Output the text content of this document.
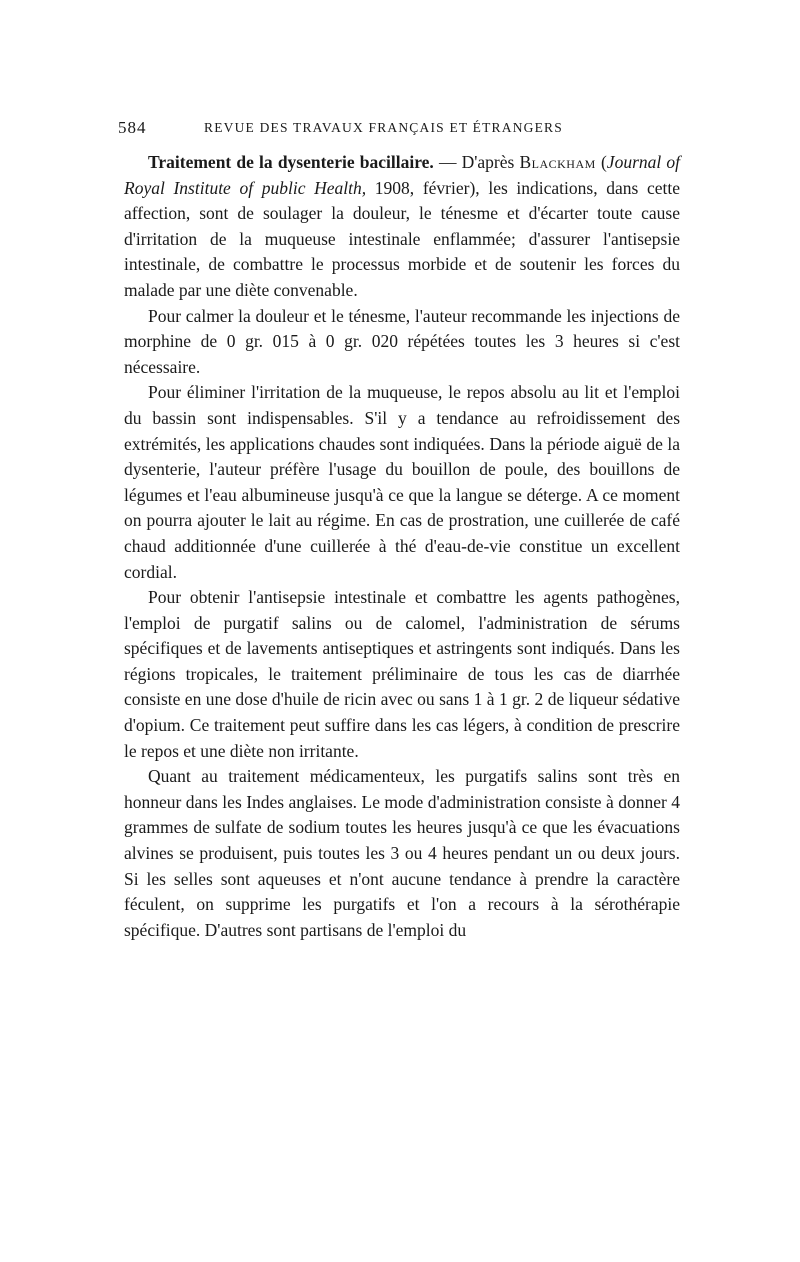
584	REVUE DES TRAVAUX FRANÇAIS ET ÉTRANGERS

Traitement de la dysenterie bacillaire. — D'après Blackham (Journal of Royal Institute of public Health, 1908, février), les indications, dans cette affection, sont de soulager la douleur, le ténesme et d'écarter toute cause d'irritation de la muqueuse intestinale enflammée; d'assurer l'antisepsie intestinale, de combattre le processus morbide et de soutenir les forces du malade par une diète convenable.

Pour calmer la douleur et le ténesme, l'auteur recommande les injections de morphine de 0 gr. 015 à 0 gr. 020 répétées toutes les 3 heures si c'est nécessaire.

Pour éliminer l'irritation de la muqueuse, le repos absolu au lit et l'emploi du bassin sont indispensables. S'il y a tendance au refroidissement des extrémités, les applications chaudes sont indiquées. Dans la période aiguë de la dysenterie, l'auteur préfère l'usage du bouillon de poule, des bouillons de légumes et l'eau albumineuse jusqu'à ce que la langue se déterge. A ce moment on pourra ajouter le lait au régime. En cas de prostration, une cuillerée de café chaud additionnée d'une cuillerée à thé d'eau-de-vie constitue un excellent cordial.

Pour obtenir l'antisepsie intestinale et combattre les agents pathogènes, l'emploi de purgatif salins ou de calomel, l'administration de sérums spécifiques et de lavements antiseptiques et astringents sont indiqués. Dans les régions tropicales, le traitement préliminaire de tous les cas de diarrhée consiste en une dose d'huile de ricin avec ou sans 1 à 1 gr. 2 de liqueur sédative d'opium. Ce traitement peut suffire dans les cas légers, à condition de prescrire le repos et une diète non irritante.

Quant au traitement médicamenteux, les purgatifs salins sont très en honneur dans les Indes anglaises. Le mode d'administration consiste à donner 4 grammes de sulfate de sodium toutes les heures jusqu'à ce que les évacuations alvines se produisent, puis toutes les 3 ou 4 heures pendant un ou deux jours. Si les selles sont aqueuses et n'ont aucune tendance à prendre la caractère féculent, on supprime les purgatifs et l'on a recours à la sérothérapie spécifique. D'autres sont partisans de l'emploi du
